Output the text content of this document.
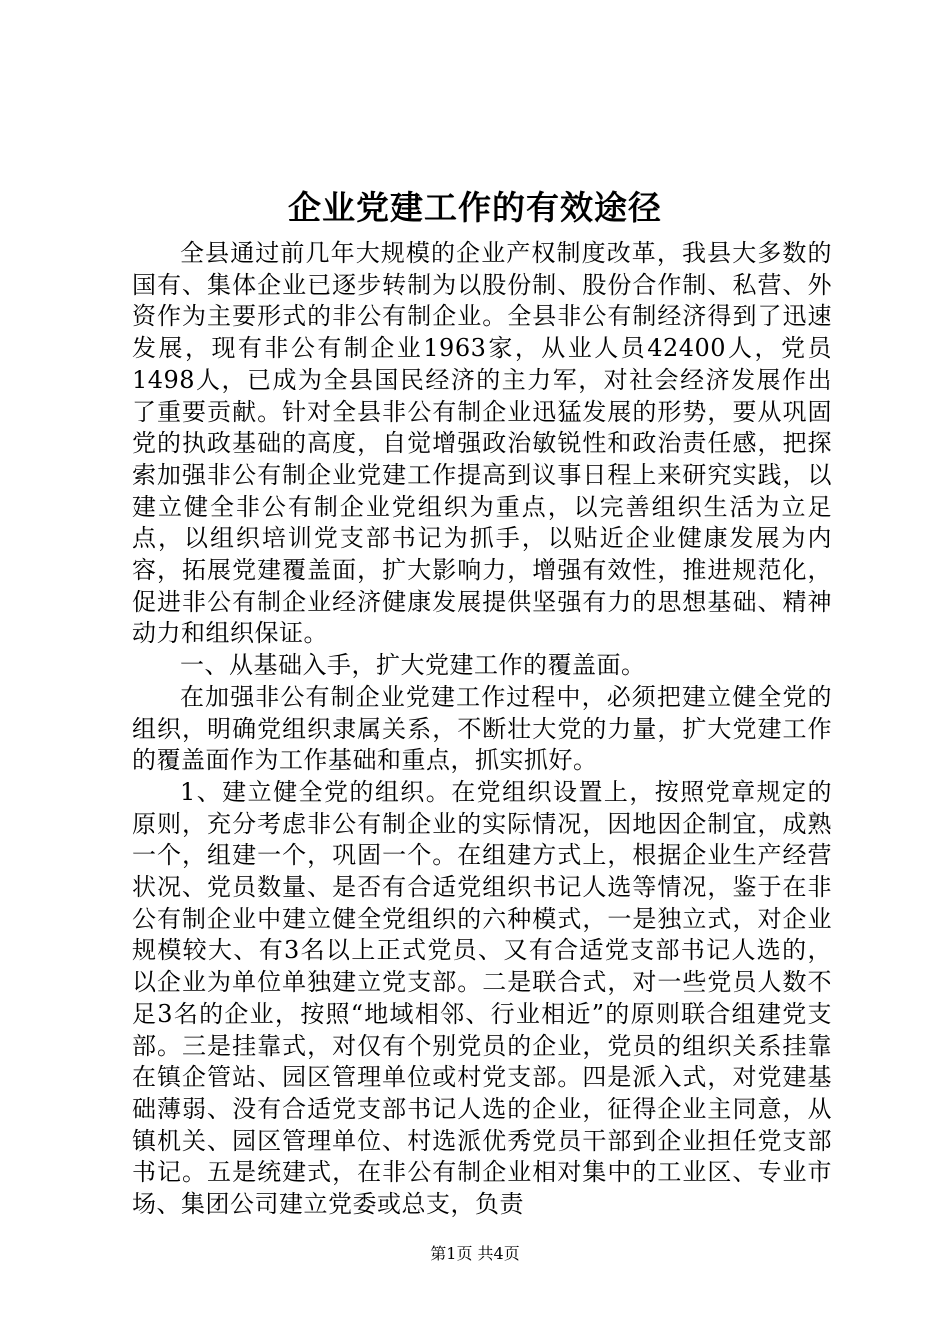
企业党建工作的有效途径

全县通过前几年大规模的企业产权制度改革，我县大多数的国有、集体企业已逐步转制为以股份制、股份合作制、私营、外资作为主要形式的非公有制企业。全县非公有制经济得到了迅速发展，现有非公有制企业1963家，从业人员42400人，党员1498人，已成为全县国民经济的主力军，对社会经济发展作出了重要贡献。针对全县非公有制企业迅猛发展的形势，要从巩固党的执政基础的高度，自觉增强政治敏锐性和政治责任感，把探索加强非公有制企业党建工作提高到议事日程上来研究实践，以建立健全非公有制企业党组织为重点，以完善组织生活为立足点，以组织培训党支部书记为抓手，以贴近企业健康发展为内容，拓展党建覆盖面，扩大影响力，增强有效性，推进规范化，促进非公有制企业经济健康发展提供坚强有力的思想基础、精神动力和组织保证。

一、从基础入手，扩大党建工作的覆盖面。

在加强非公有制企业党建工作过程中，必须把建立健全党的组织，明确党组织隶属关系，不断壮大党的力量，扩大党建工作的覆盖面作为工作基础和重点，抓实抓好。

1、建立健全党的组织。在党组织设置上，按照党章规定的原则，充分考虑非公有制企业的实际情况，因地因企制宜，成熟一个，组建一个，巩固一个。在组建方式上，根据企业生产经营状况、党员数量、是否有合适党组织书记人选等情况，鉴于在非公有制企业中建立健全党组织的六种模式，一是独立式，对企业规模较大、有3名以上正式党员、又有合适党支部书记人选的，以企业为单位单独建立党支部。二是联合式，对一些党员人数不足3名的企业，按照“地域相邻、行业相近”的原则联合组建党支部。三是挂靠式，对仅有个别党员的企业，党员的组织关系挂靠在镇企管站、园区管理单位或村党支部。四是派入式，对党建基础薄弱、没有合适党支部书记人选的企业，征得企业主同意，从镇机关、园区管理单位、村选派优秀党员干部到企业担任党支部书记。五是统建式，在非公有制企业相对集中的工业区、专业市场、集团公司建立党委或总支，负责

第1页 共4页
